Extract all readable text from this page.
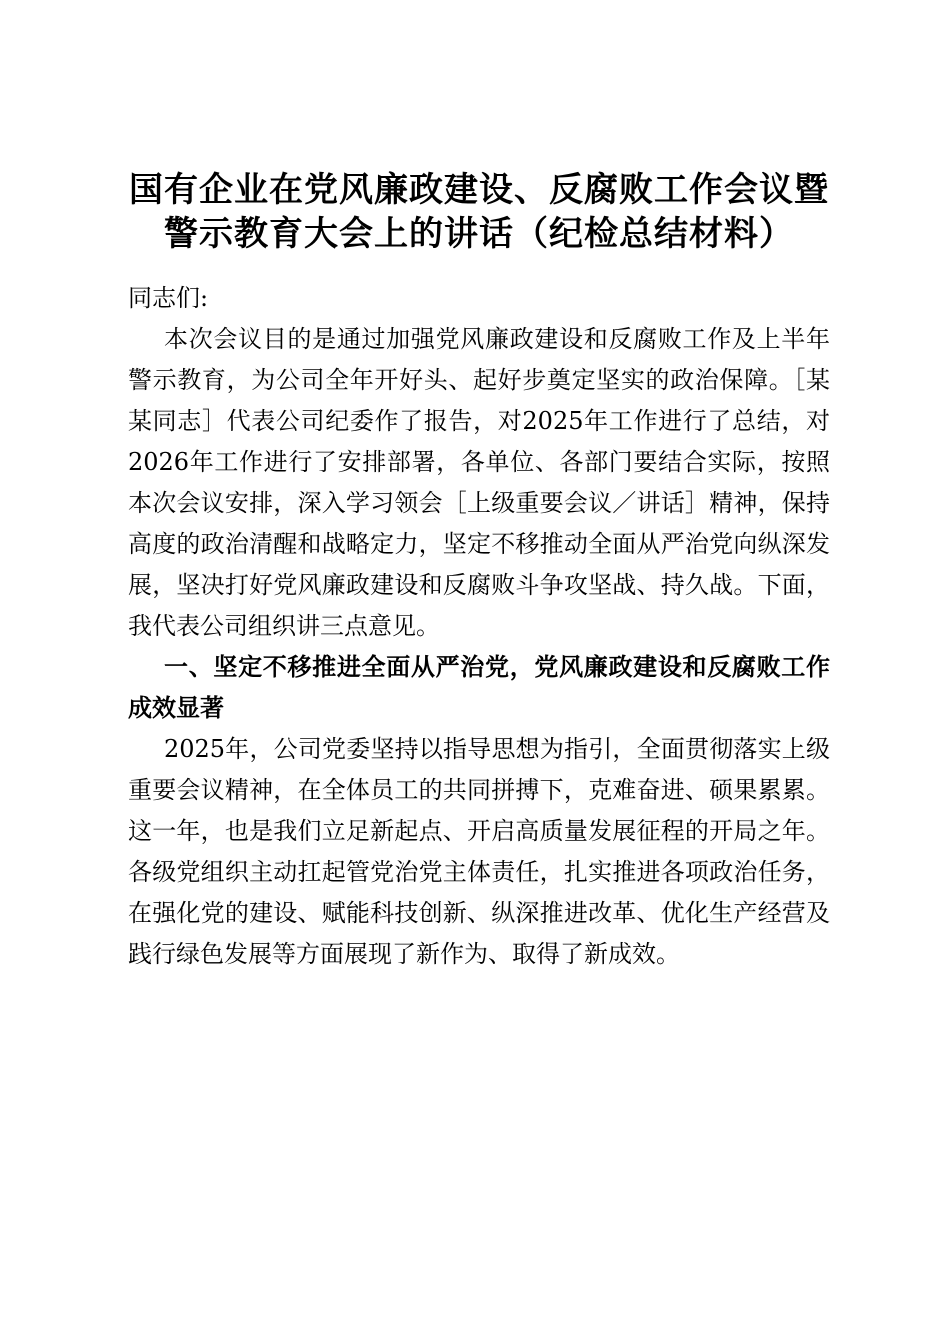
国有企业在党风廉政建设、反腐败工作会议暨
警示教育大会上的讲话（纪检总结材料）

同志们:

本次会议目的是通过加强党风廉政建设和反腐败工作及上半年警示教育，为公司全年开好头、起好步奠定坚实的政治保障。［某某同志］代表公司纪委作了报告，对2025年工作进行了总结，对2026年工作进行了安排部署，各单位、各部门要结合实际，按照本次会议安排，深入学习领会［上级重要会议／讲话］精神，保持高度的政治清醒和战略定力，坚定不移推动全面从严治党向纵深发展，坚决打好党风廉政建设和反腐败斗争攻坚战、持久战。下面，我代表公司组织讲三点意见。

一、坚定不移推进全面从严治党，党风廉政建设和反腐败工作成效显著

2025年，公司党委坚持以指导思想为指引，全面贯彻落实上级重要会议精神，在全体员工的共同拼搏下，克难奋进、硕果累累。这一年，也是我们立足新起点、开启高质量发展征程的开局之年。各级党组织主动扛起管党治党主体责任，扎实推进各项政治任务，在强化党的建设、赋能科技创新、纵深推进改革、优化生产经营及践行绿色发展等方面展现了新作为、取得了新成效。
